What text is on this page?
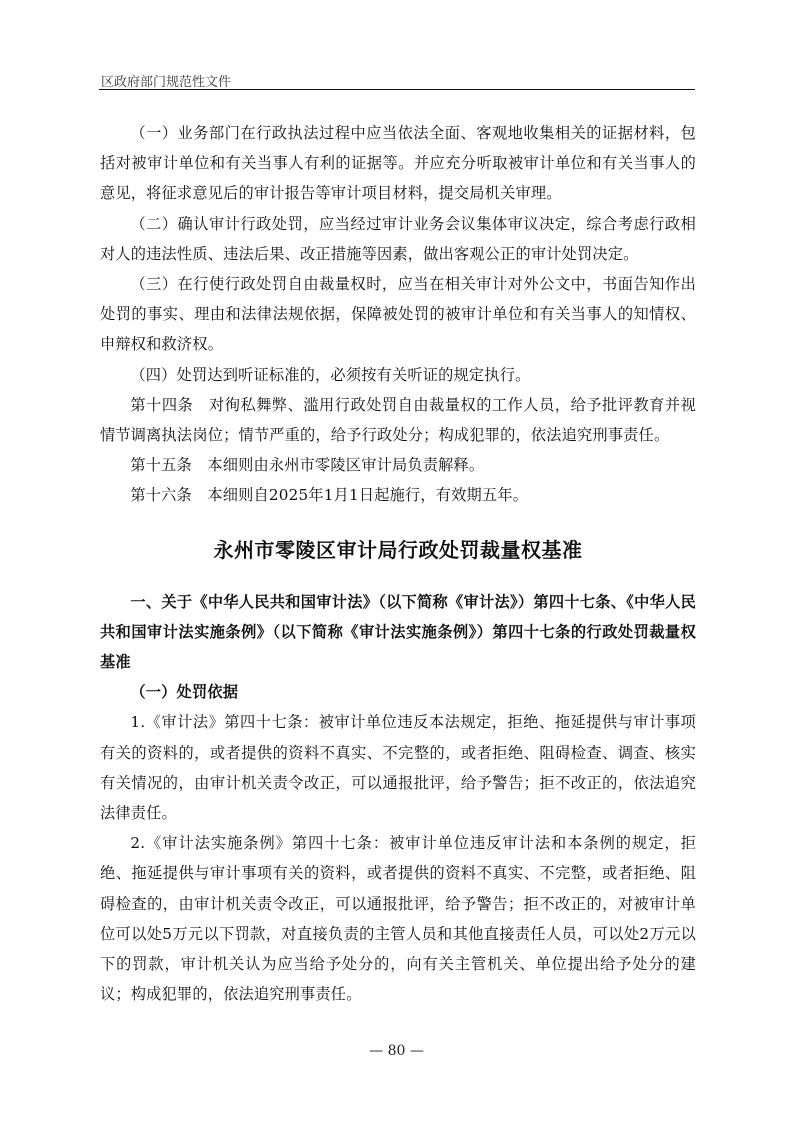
区政府部门规范性文件

（一）业务部门在行政执法过程中应当依法全面、客观地收集相关的证据材料，包括对被审计单位和有关当事人有利的证据等。并应充分听取被审计单位和有关当事人的意见，将征求意见后的审计报告等审计项目材料，提交局机关审理。

（二）确认审计行政处罚，应当经过审计业务会议集体审议决定，综合考虑行政相对人的违法性质、违法后果、改正措施等因素，做出客观公正的审计处罚决定。

（三）在行使行政处罚自由裁量权时，应当在相关审计对外公文中，书面告知作出处罚的事实、理由和法律法规依据，保障被处罚的被审计单位和有关当事人的知情权、申辩权和救济权。

（四）处罚达到听证标准的，必须按有关听证的规定执行。

第十四条　对徇私舞弊、滥用行政处罚自由裁量权的工作人员，给予批评教育并视情节调离执法岗位；情节严重的，给予行政处分；构成犯罪的，依法追究刑事责任。

第十五条　本细则由永州市零陵区审计局负责解释。

第十六条　本细则自2025年1月1日起施行，有效期五年。

永州市零陵区审计局行政处罚裁量权基准

一、关于《中华人民共和国审计法》（以下简称《审计法》）第四十七条、《中华人民共和国审计法实施条例》（以下简称《审计法实施条例》）第四十七条的行政处罚裁量权基准

（一）处罚依据

1.《审计法》第四十七条：被审计单位违反本法规定，拒绝、拖延提供与审计事项有关的资料的，或者提供的资料不真实、不完整的，或者拒绝、阻碍检查、调查、核实有关情况的，由审计机关责令改正，可以通报批评，给予警告；拒不改正的，依法追究法律责任。

2.《审计法实施条例》第四十七条：被审计单位违反审计法和本条例的规定，拒绝、拖延提供与审计事项有关的资料，或者提供的资料不真实、不完整，或者拒绝、阻碍检查的，由审计机关责令改正，可以通报批评，给予警告；拒不改正的，对被审计单位可以处5万元以下罚款，对直接负责的主管人员和其他直接责任人员，可以处2万元以下的罚款，审计机关认为应当给予处分的，向有关主管机关、单位提出给予处分的建议；构成犯罪的，依法追究刑事责任。

— 80 —
